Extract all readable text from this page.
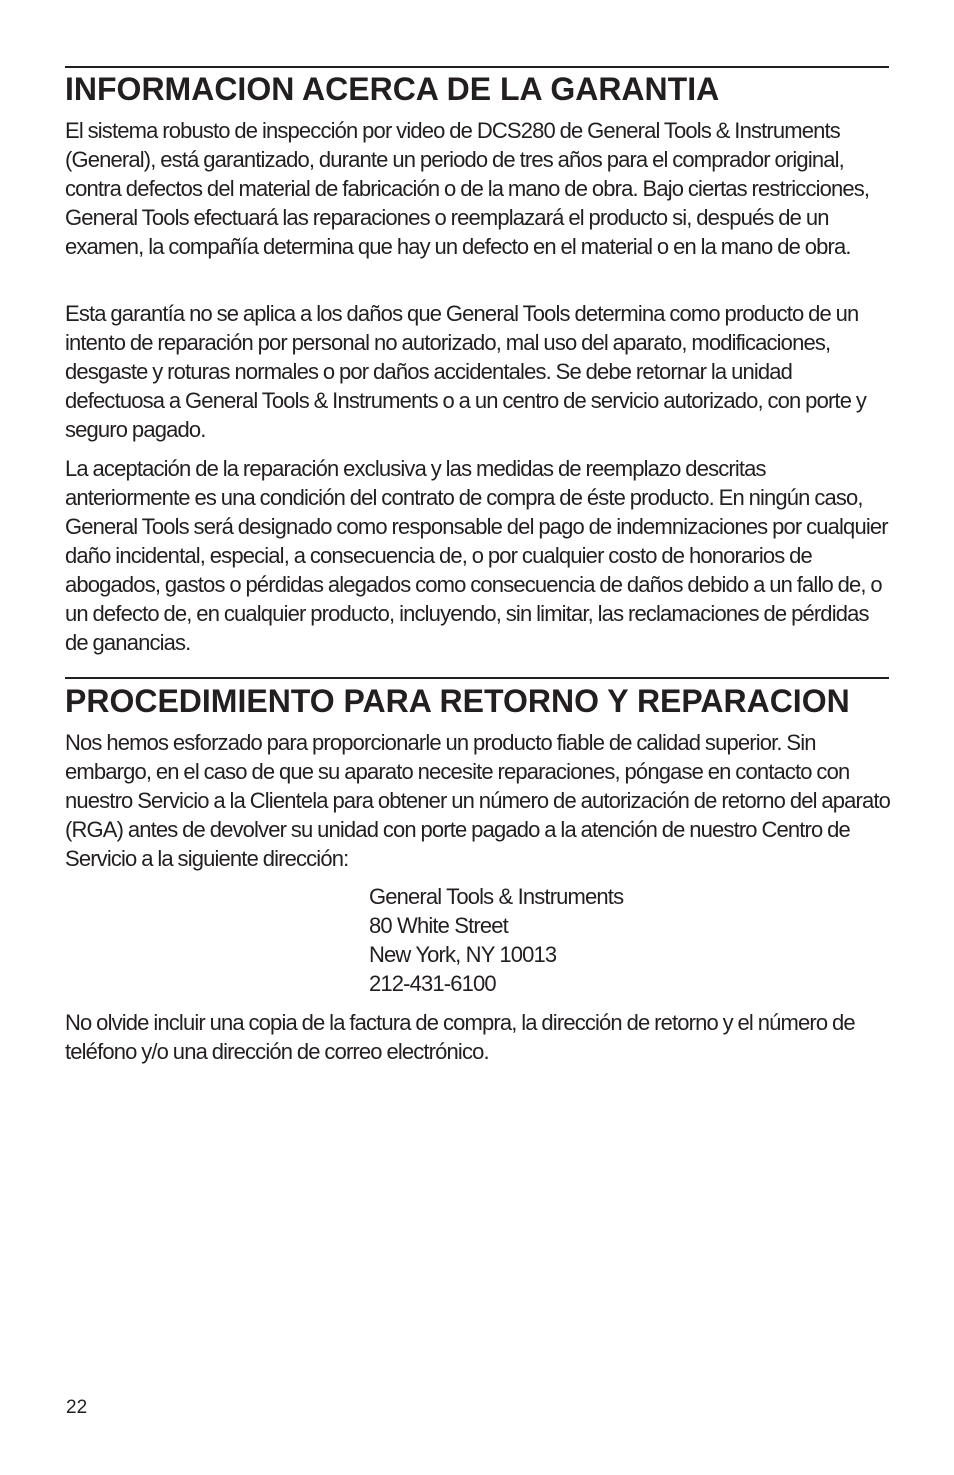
INFORMACION ACERCA DE LA GARANTIA

El sistema robusto de inspección por video de DCS280 de General Tools & Instruments (General), está garantizado, durante un periodo de tres años para el comprador original, contra defectos del material de fabricación o de la mano de obra. Bajo ciertas restricciones, General Tools efectuará las reparaciones o reemplazará el producto si, después de un examen, la compañía determina que hay un defecto en el material o en la mano de obra.

Esta garantía no se aplica a los daños que General Tools determina como producto de un intento de reparación por personal no autorizado, mal uso del aparato, modificaciones, desgaste y roturas normales o por daños accidentales. Se debe retornar la unidad defectuosa a General Tools & Instruments o a un centro de servicio autorizado, con porte y seguro pagado.

La aceptación de la reparación exclusiva y las medidas de reemplazo descritas anteriormente es una condición del contrato de compra de éste producto. En ningún caso, General Tools será designado como responsable del pago de indemnizaciones por cualquier daño incidental, especial, a consecuencia de, o por cualquier costo de honorarios de abogados, gastos o pérdidas alegados como consecuencia de daños debido a un fallo de, o un defecto de, en cualquier producto, incluyendo, sin limitar, las reclamaciones de pérdidas de ganancias.

PROCEDIMIENTO PARA RETORNO Y REPARACION

Nos hemos esforzado para proporcionarle un producto fiable de calidad superior. Sin embargo, en el caso de que su aparato necesite reparaciones, póngase en contacto con nuestro Servicio a la Clientela para obtener un número de autorización de retorno del aparato (RGA) antes de devolver su unidad con porte pagado a la atención de nuestro Centro de Servicio a la siguiente dirección:

General Tools & Instruments
80 White Street
New York, NY 10013
212-431-6100

No olvide incluir una copia de la factura de compra, la dirección de retorno y el número de teléfono y/o una dirección de correo electrónico.

22
